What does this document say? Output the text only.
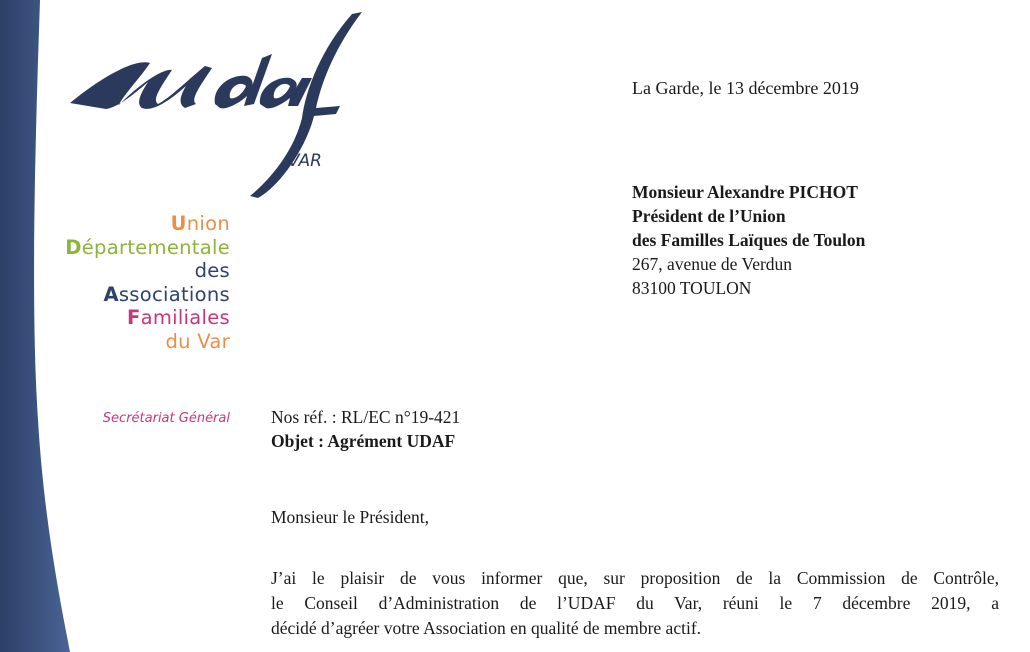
VAR
Union
Départementale
des
Associations
Familiales
du Var
Secrétariat Général
La Garde, le 13 décembre 2019
Monsieur Alexandre PICHOT
Président de l’Union
des Familles Laïques de Toulon
267, avenue de Verdun
83100 TOULON
Nos réf. : RL/EC n°19-421
Objet : Agrément UDAF
Monsieur le Président,
J’ai le plaisir de vous informer que, sur proposition de la Commission de Contrôle,
le Conseil d’Administration de l’UDAF du Var, réuni le 7 décembre 2019, a
décidé d’agréer votre Association en qualité de membre actif.
